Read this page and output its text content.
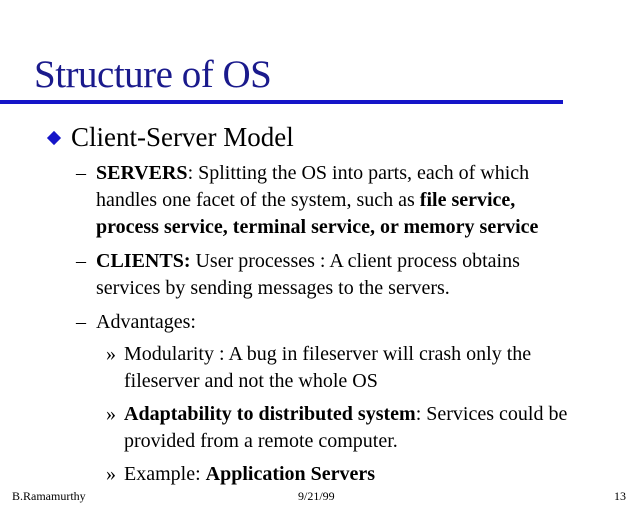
Structure of OS
Client-Server Model
– SERVERS: Splitting the OS into parts, each of which handles one facet of the system, such as file service, process service, terminal service, or memory service
– CLIENTS: User processes : A client process obtains services by sending messages to the servers.
– Advantages:
» Modularity : A bug in fileserver will crash only the fileserver and not the whole OS
» Adaptability to distributed system: Services could be provided from a remote computer.
» Example: Application Servers
B.Ramamurthy	9/21/99	13
